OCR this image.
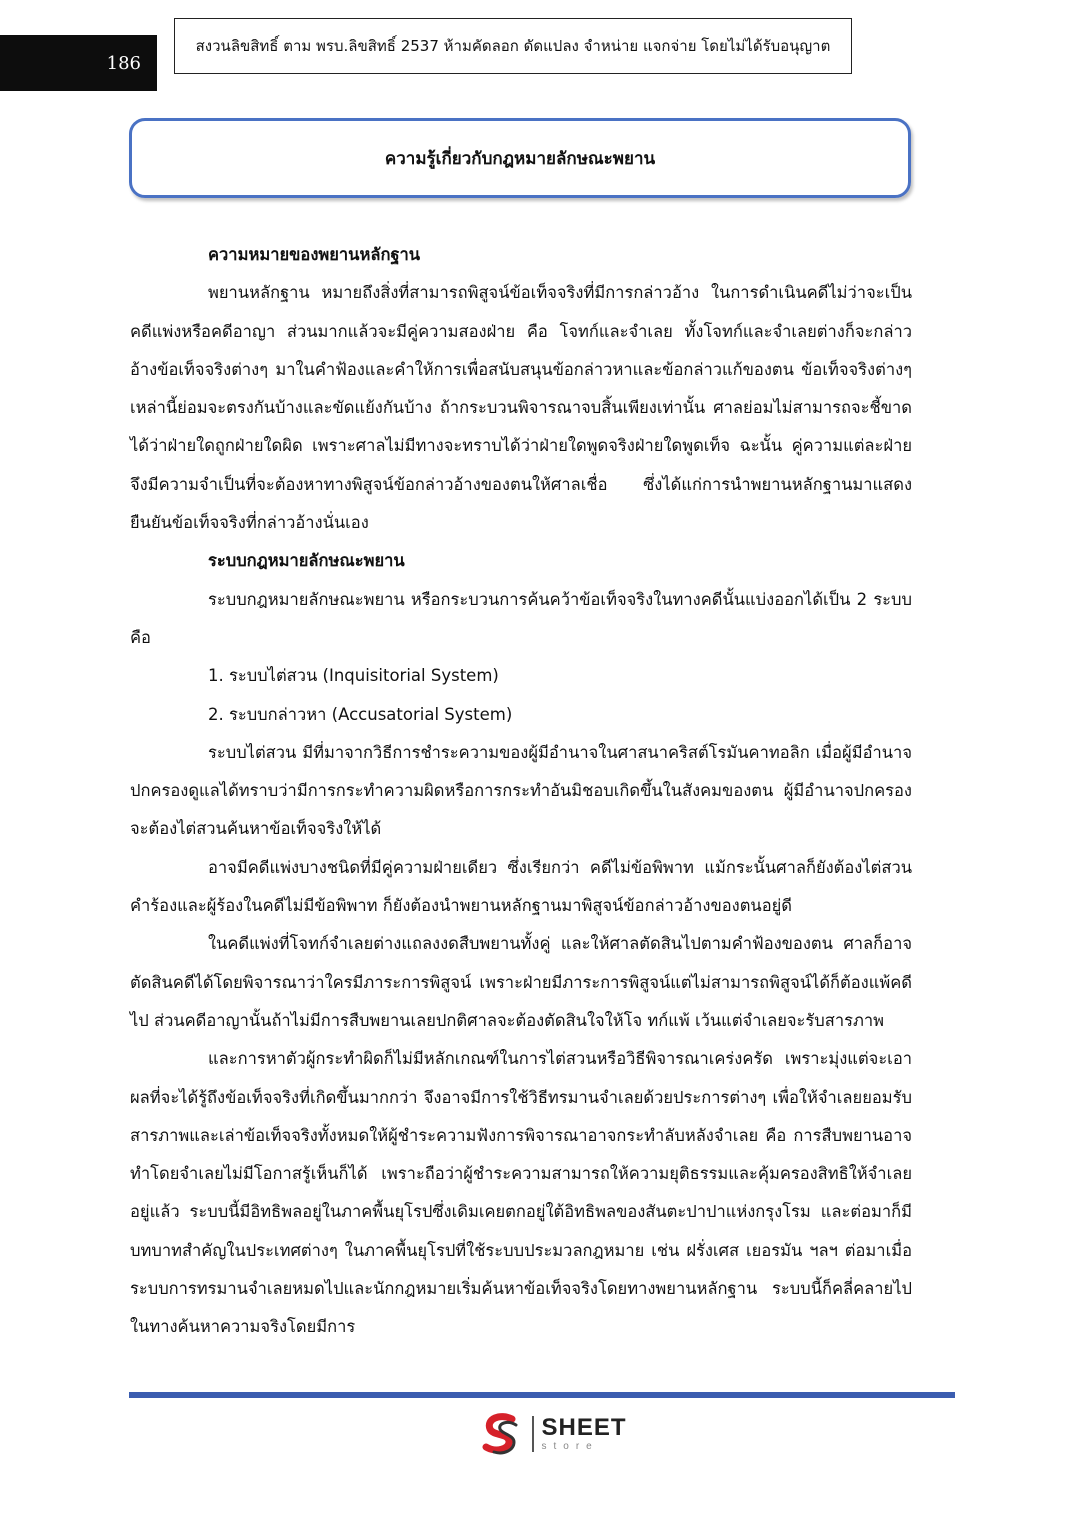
186
สงวนลิขสิทธิ์ ตาม พรบ.ลิขสิทธิ์ 2537 ห้ามคัดลอก ดัดแปลง จำหน่าย แจกจ่าย โดยไม่ได้รับอนุญาต
ความรู้เกี่ยวกับกฎหมายลักษณะพยาน

ความหมายของพยานหลักฐาน

พยานหลักฐาน หมายถึงสิ่งที่สามารถพิสูจน์ข้อเท็จจริงที่มีการกล่าวอ้าง ในการดำเนินคดีไม่ว่าจะเป็นคดีแพ่งหรือคดีอาญา ส่วนมากแล้วจะมีคู่ความสองฝ่าย คือ โจทก์และจำเลย ทั้งโจทก์และจำเลยต่างก็จะกล่าวอ้างข้อเท็จจริงต่างๆ มาในคำฟ้องและคำให้การเพื่อสนับสนุนข้อกล่าวหาและข้อกล่าวแก้ของตน ข้อเท็จจริงต่างๆ เหล่านี้ย่อมจะตรงกันบ้างและขัดแย้งกันบ้าง ถ้ากระบวนพิจารณาจบสิ้นเพียงเท่านั้น ศาลย่อมไม่สามารถจะชี้ขาดได้ว่าฝ่ายใดถูกฝ่ายใดผิด เพราะศาลไม่มีทางจะทราบได้ว่าฝ่ายใดพูดจริงฝ่ายใดพูดเท็จ ฉะนั้น คู่ความแต่ละฝ่ายจึงมีความจำเป็นที่จะต้องหาทางพิสูจน์ข้อกล่าวอ้างของตนให้ศาลเชื่อ ซึ่งได้แก่การนำพยานหลักฐานมาแสดงยืนยันข้อเท็จจริงที่กล่าวอ้างนั่นเอง

ระบบกฎหมายลักษณะพยาน

ระบบกฎหมายลักษณะพยาน หรือกระบวนการค้นคว้าข้อเท็จจริงในทางคดีนั้นแบ่งออกได้เป็น 2 ระบบคือ

1. ระบบไต่สวน (Inquisitorial System)

2. ระบบกล่าวหา (Accusatorial System)

ระบบไต่สวน มีที่มาจากวิธีการชำระความของผู้มีอำนาจในศาสนาคริสต์โรมันคาทอลิก เมื่อผู้มีอำนาจปกครองดูแลได้ทราบว่ามีการกระทำความผิดหรือการกระทำอันมิชอบเกิดขึ้นในสังคมของตน ผู้มีอำนาจปกครองจะต้องไต่สวนค้นหาข้อเท็จจริงให้ได้

อาจมีคดีแพ่งบางชนิดที่มีคู่ความฝ่ายเดียว ซึ่งเรียกว่า คดีไม่ข้อพิพาท แม้กระนั้นศาลก็ยังต้องไต่สวนคำร้องและผู้ร้องในคดีไม่มีข้อพิพาท ก็ยังต้องนำพยานหลักฐานมาพิสูจน์ข้อกล่าวอ้างของตนอยู่ดี

ในคดีแพ่งที่โจทก์จำเลยต่างแถลงงดสืบพยานทั้งคู่ และให้ศาลตัดสินไปตามคำฟ้องของตน ศาลก็อาจตัดสินคดีได้โดยพิจารณาว่าใครมีภาระการพิสูจน์ เพราะฝ่ายมีภาระการพิสูจน์แต่ไม่สามารถพิสูจน์ได้ก็ต้องแพ้คดีไป ส่วนคดีอาญานั้นถ้าไม่มีการสืบพยานเลยปกติศาลจะต้องตัดสินใจให้โจ ทก์แพ้ เว้นแต่จำเลยจะรับสารภาพ

และการหาตัวผู้กระทำผิดก็ไม่มีหลักเกณฑ์ในการไต่สวนหรือวิธีพิจารณาเคร่งครัด เพราะมุ่งแต่จะเอาผลที่จะได้รู้ถึงข้อเท็จจริงที่เกิดขึ้นมากกว่า จึงอาจมีการใช้วิธีทรมานจำเลยด้วยประการต่างๆ เพื่อให้จำเลยยอมรับสารภาพและเล่าข้อเท็จจริงทั้งหมดให้ผู้ชำระความฟังการพิจารณาอาจกระทำลับหลังจำเลย คือ การสืบพยานอาจทำโดยจำเลยไม่มีโอกาสรู้เห็นก็ได้ เพราะถือว่าผู้ชำระความสามารถให้ความยุติธรรมและคุ้มครองสิทธิให้จำเลยอยู่แล้ว ระบบนี้มีอิทธิพลอยู่ในภาคพื้นยุโรปซึ่งเดิมเคยตกอยู่ใต้อิทธิพลของสันตะปาปาแห่งกรุงโรม และต่อมาก็มีบทบาทสำคัญในประเทศต่างๆ ในภาคพื้นยุโรปที่ใช้ระบบประมวลกฎหมาย เช่น ฝรั่งเศส เยอรมัน ฯลฯ ต่อมาเมื่อระบบการทรมานจำเลยหมดไปและนักกฎหมายเริ่มค้นหาข้อเท็จจริงโดยทางพยานหลักฐาน ระบบนี้ก็คลี่คลายไปในทางค้นหาความจริงโดยมีการ

SHEET
store
